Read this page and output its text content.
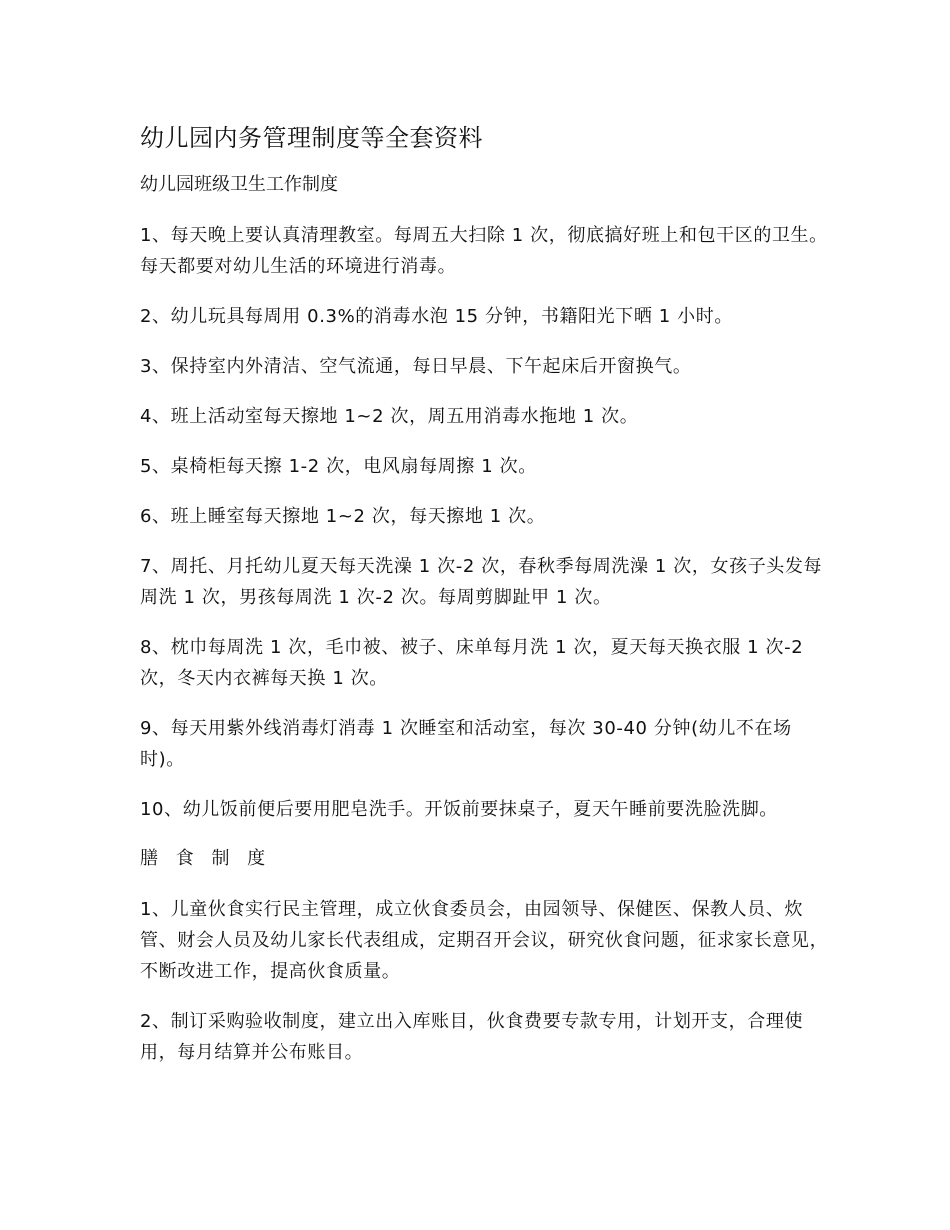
幼儿园内务管理制度等全套资料
幼儿园班级卫生工作制度

1、每天晚上要认真清理教室。每周五大扫除 1 次，彻底搞好班上和包干区的卫生。每天都要对幼儿生活的环境进行消毒。

2、幼儿玩具每周用 0.3%的消毒水泡 15 分钟，书籍阳光下晒 1 小时。

3、保持室内外清洁、空气流通，每日早晨、下午起床后开窗换气。

4、班上活动室每天擦地 1~2 次，周五用消毒水拖地 1 次。

5、桌椅柜每天擦 1-2 次，电风扇每周擦 1 次。

6、班上睡室每天擦地 1~2 次，每天擦地 1 次。

7、周托、月托幼儿夏天每天洗澡 1 次-2 次，春秋季每周洗澡 1 次，女孩子头发每周洗 1 次，男孩每周洗 1 次-2 次。每周剪脚趾甲 1 次。

8、枕巾每周洗 1 次，毛巾被、被子、床单每月洗 1 次，夏天每天换衣服 1 次-2 次，冬天内衣裤每天换 1 次。

9、每天用紫外线消毒灯消毒 1 次睡室和活动室，每次 30-40 分钟(幼儿不在场时)。

10、幼儿饭前便后要用肥皂洗手。开饭前要抹桌子，夏天午睡前要洗脸洗脚。

膳 食 制 度

1、儿童伙食实行民主管理，成立伙食委员会，由园领导、保健医、保教人员、炊管、财会人员及幼儿家长代表组成，定期召开会议，研究伙食问题，征求家长意见，不断改进工作，提高伙食质量。

2、制订采购验收制度，建立出入库账目，伙食费要专款专用，计划开支，合理使用，每月结算并公布账目。
